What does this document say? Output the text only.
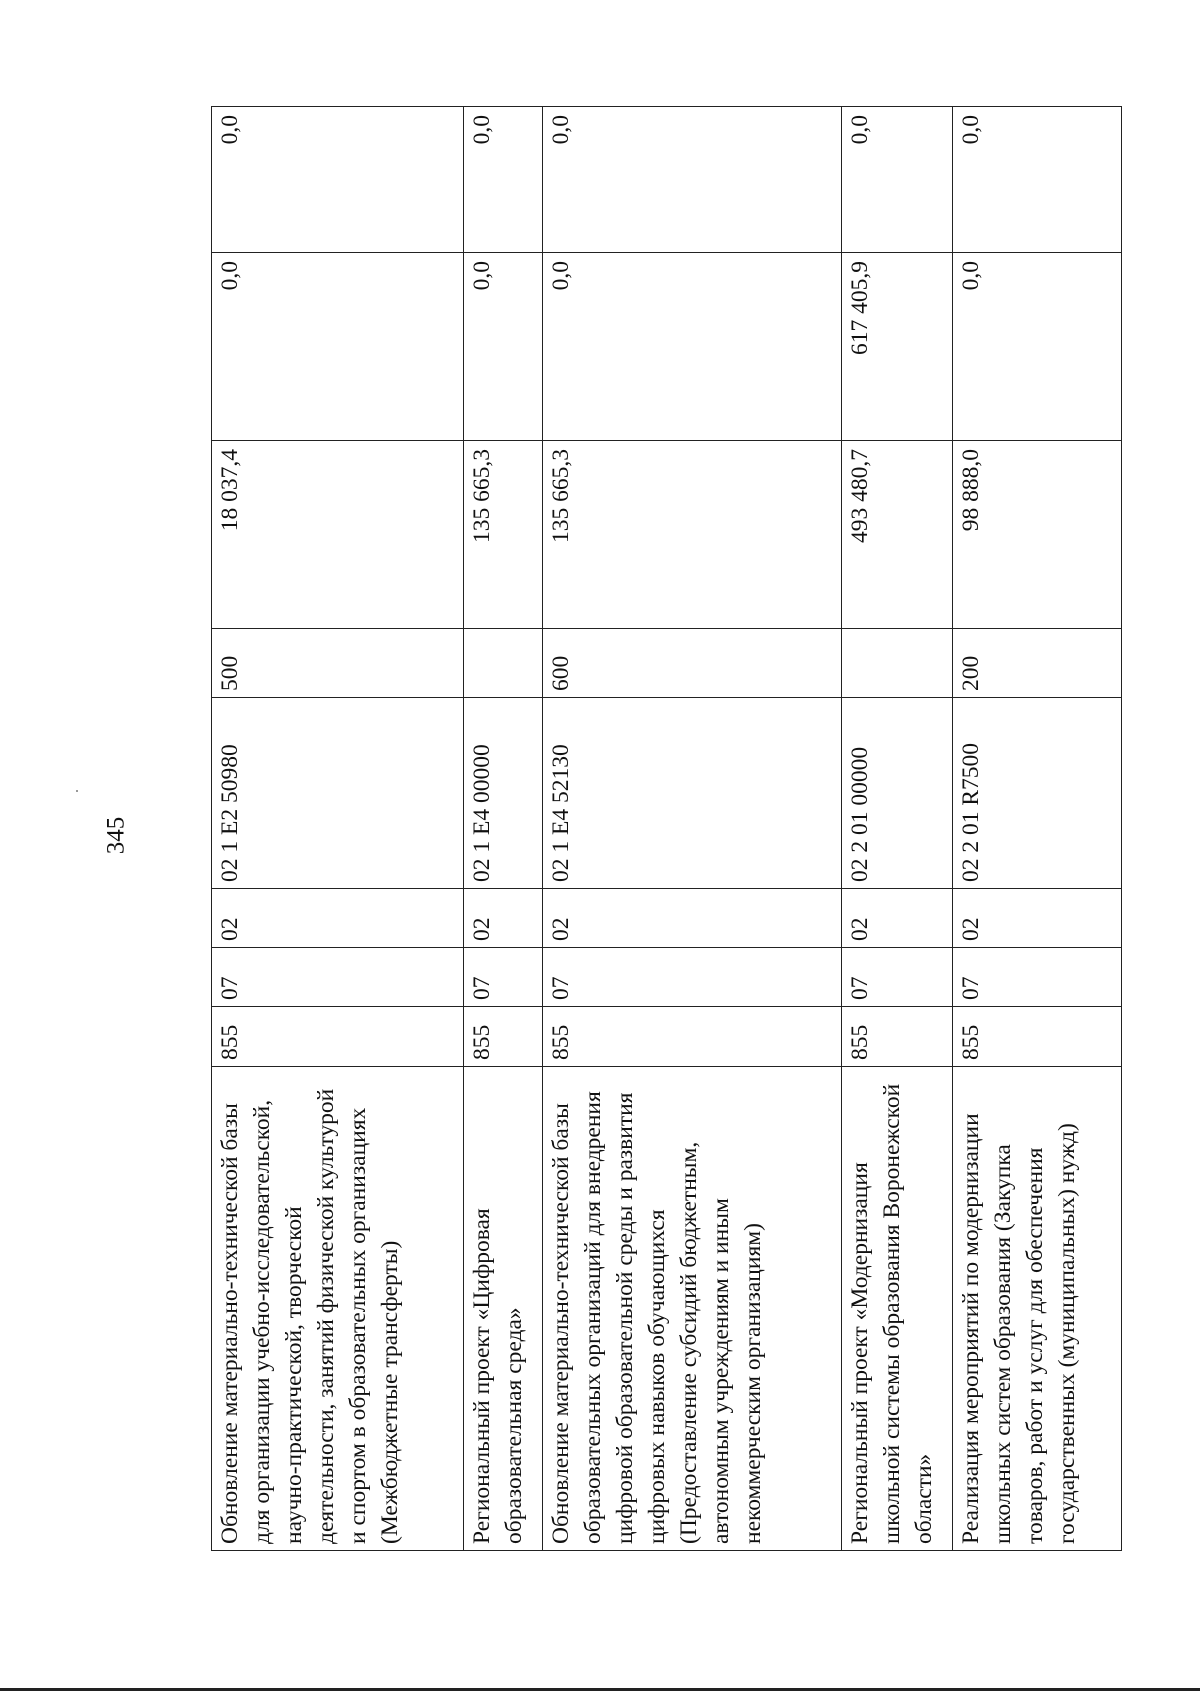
345
Обновление материально-технической базы для организации учебно-исследовательской, научно-практической, творческой деятельности, занятий физической культурой и спортом в образовательных организациях (Межбюджетные трансферты)	855	07	02	02 1 E2 50980	500	18 037,4	0,0	0,0
Региональный проект «Цифровая образовательная среда»	855	07	02	02 1 E4 00000		135 665,3	0,0	0,0
Обновление материально-технической базы образовательных организаций для внедрения цифровой образовательной среды и развития цифровых навыков обучающихся (Предоставление субсидий бюджетным, автономным учреждениям и иным некоммерческим организациям)	855	07	02	02 1 E4 52130	600	135 665,3	0,0	0,0
Региональный проект «Модернизация школьной системы образования Воронежской области»	855	07	02	02 2 01 00000		493 480,7	617 405,9	0,0
Реализация мероприятий по модернизации школьных систем образования (Закупка товаров, работ и услуг для обеспечения государственных (муниципальных) нужд)	855	07	02	02 2 01 R7500	200	98 888,0	0,0	0,0
